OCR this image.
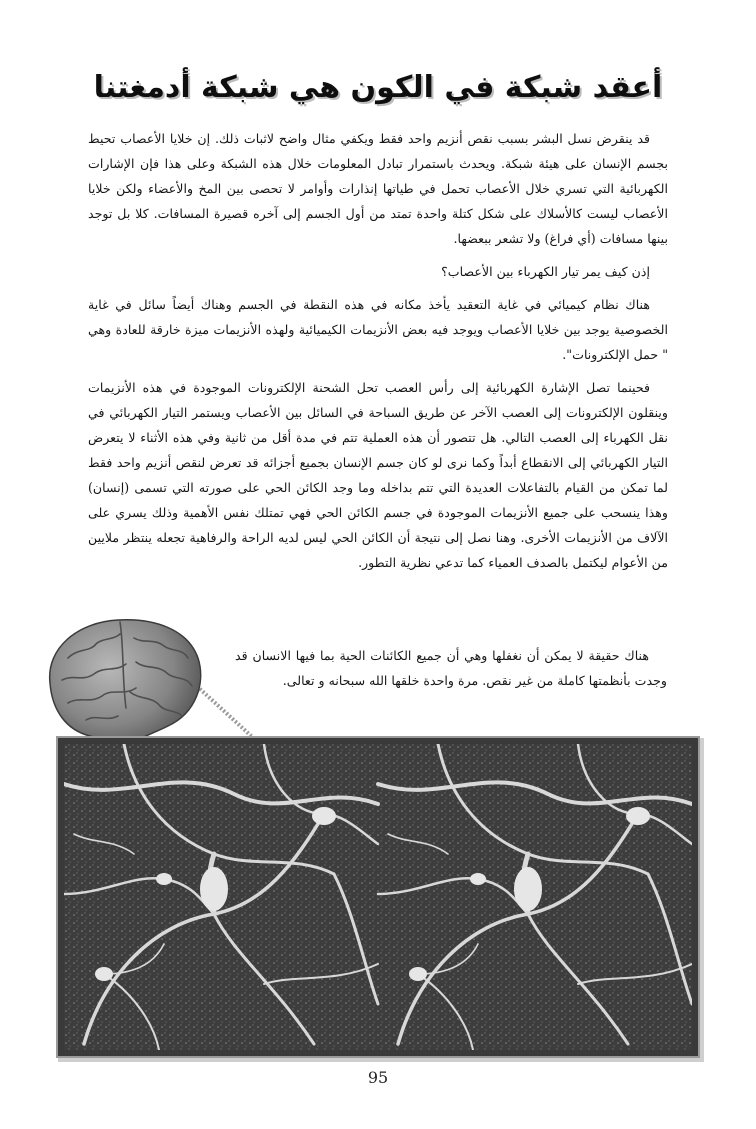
أعقد شبكة في الكون هي شبكة أدمغتنا

قد ينقرض نسل البشر بسبب نقص أنزيم واحد فقط ويكفي مثال واضح لاثبات ذلك. إن خلايا الأعصاب تحيط بجسم الإنسان على هيئة شبكة. ويحدث باستمرار تبادل المعلومات خلال هذه الشبكة وعلى هذا فإن الإشارات الكهربائية التي تسري خلال الأعصاب تحمل في طياتها إنذارات وأوامر لا تحصى بين المخ والأعضاء ولكن خلايا الأعصاب ليست كالأسلاك على شكل كتلة واحدة تمتد من أول الجسم إلى آخره قصيرة المسافات. كلا بل توجد بينها مسافات (أي فراغ) ولا تشعر ببعضها.

إذن كيف يمر تيار الكهرباء بين الأعصاب؟

هناك نظام كيميائي في غاية التعقيد يأخذ مكانه في هذه النقطة في الجسم وهناك أيضاً سائل في غاية الخصوصية يوجد بين خلايا الأعصاب ويوجد فيه بعض الأنزيمات الكيميائية ولهذه الأنزيمات ميزة خارقة للعادة وهي " حمل الإلكترونات".

فحينما تصل الإشارة الكهربائية إلى رأس العصب تحل الشحنة الإلكترونات الموجودة في هذه الأنزيمات وينقلون الإلكترونات إلى العصب الآخر عن طريق السباحة في السائل بين الأعصاب ويستمر التيار الكهربائي في نقل الكهرباء إلى العصب التالي. هل تتصور أن هذه العملية تتم في مدة أقل من ثانية وفي هذه الأثناء لا يتعرض التيار الكهربائي إلى الانقطاع أبداً وكما نرى لو كان جسم الإنسان بجميع أجزائه قد تعرض لنقص أنزيم واحد فقط لما تمكن من القيام بالتفاعلات العديدة التي تتم بداخله وما وجد الكائن الحي على صورته التي تسمى (إنسان) وهذا ينسحب على جميع الأنزيمات الموجودة في جسم الكائن الحي فهي تمتلك نفس الأهمية وذلك يسري على الآلاف من الأنزيمات الأخرى. وهنا نصل إلى نتيجة أن الكائن الحي ليس لديه الراحة والرفاهية تجعله ينتظر ملايين من الأعوام ليكتمل بالصدف العمياء كما تدعي نظرية التطور.

هناك حقيقة لا يمكن أن نغفلها وهي أن جميع الكائنات الحية بما فيها الانسان قد وجدت بأنظمتها كاملة من غير نقص. مرة واحدة خلقها الله سبحانه و تعالى.

95
